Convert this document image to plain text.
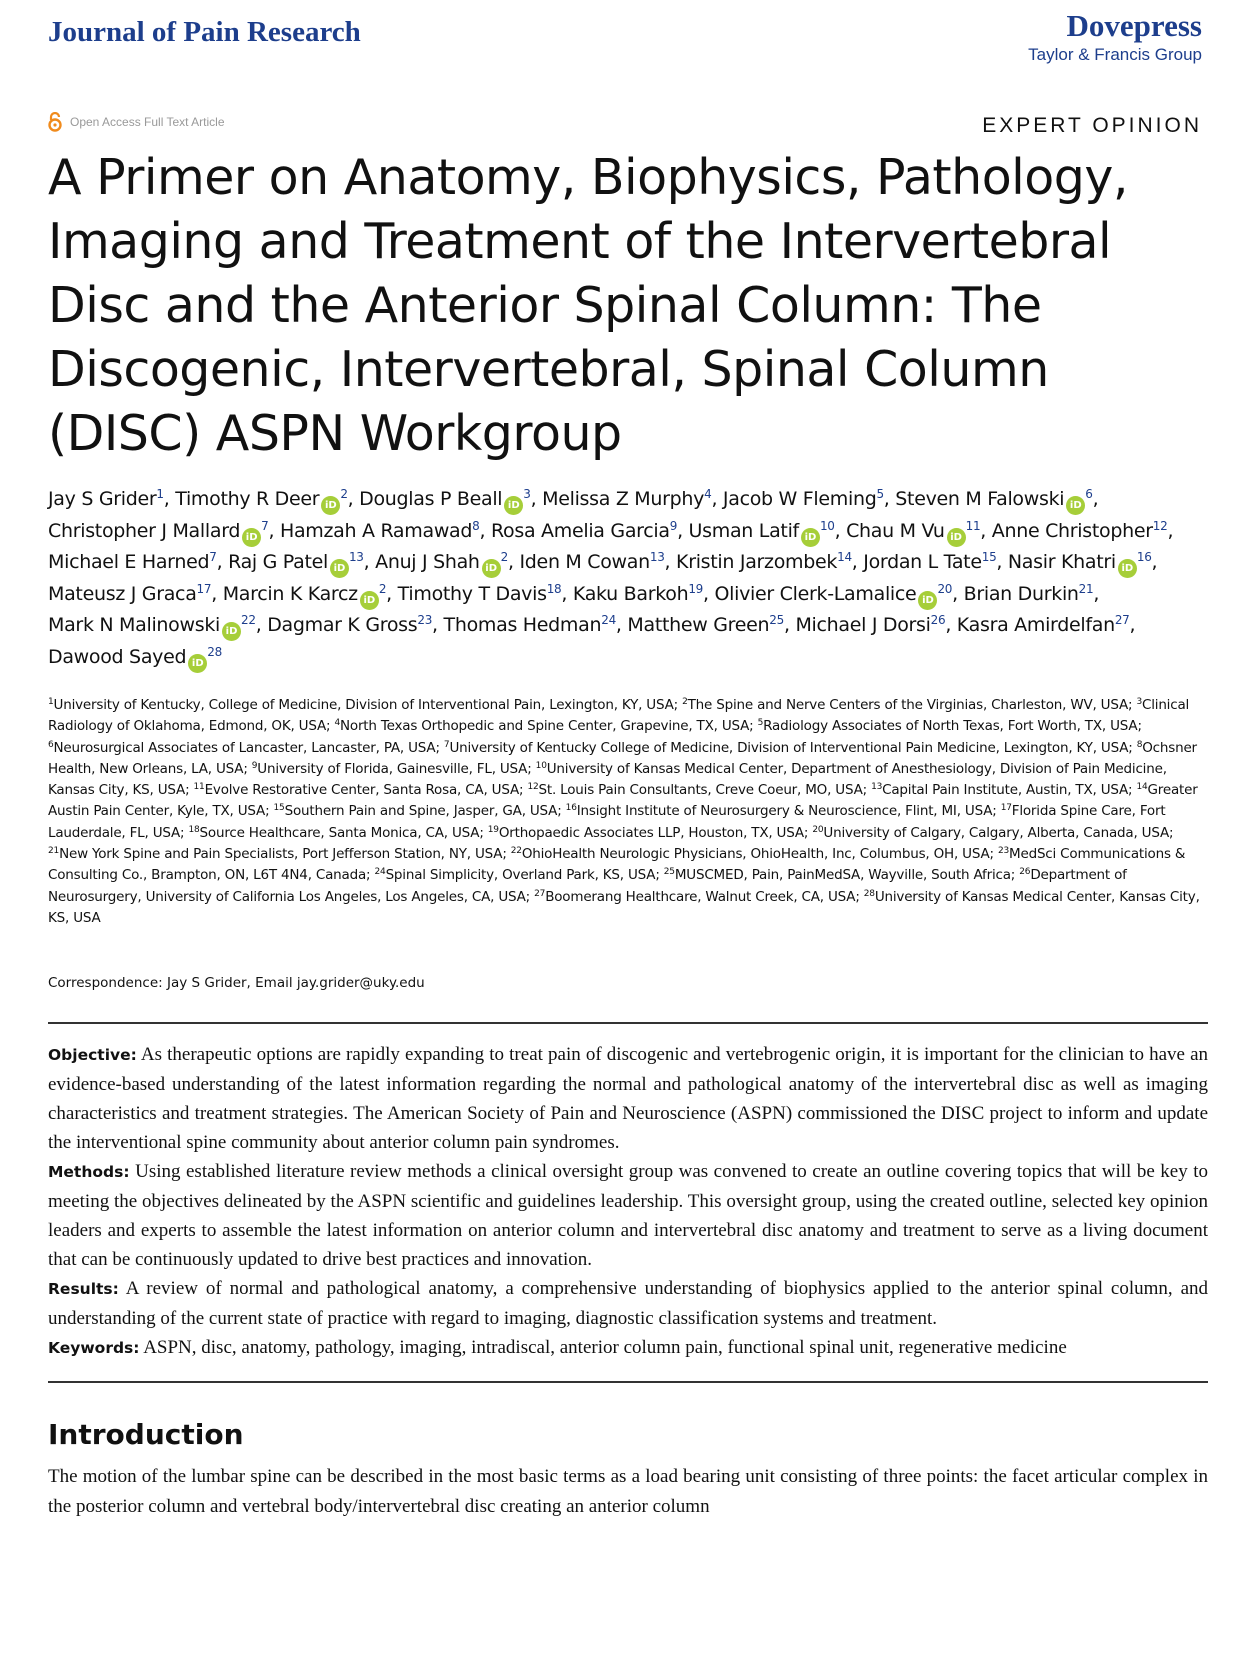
Journal of Pain Research	Dovepress
Taylor & Francis Group
Open Access Full Text Article	EXPERT OPINION
A Primer on Anatomy, Biophysics, Pathology, Imaging and Treatment of the Intervertebral Disc and the Anterior Spinal Column: The Discogenic, Intervertebral, Spinal Column (DISC) ASPN Workgroup
Jay S Grider$^1$, Timothy R Deer $iD^2$, Douglas P Beall $iD^3$, Melissa Z Murphy$^4$, Jacob W Fleming$^5$, Steven M Falowski $iD^6$, Christopher J Mallard $iD^7$, Hamzah A Ramawad$^8$, Rosa Amelia Garcia$^9$, Usman Latif $iD^{10}$, Chau M Vu $iD^{11}$, Anne Christopher$^{12}$, Michael E Harned$^7$, Raj G Patel $iD^{13}$, Anuj J Shah $iD^2$, Iden M Cowan$^{13}$, Kristin Jarzombek$^{14}$, Jordan L Tate$^{15}$, Nasir Khatri $iD^{16}$, Mateusz J Graca$^{17}$, Marcin K Karcz $iD^2$, Timothy T Davis$^{18}$, Kaku Barkoh$^{19}$, Olivier Clerk-Lamalice $iD^{20}$, Brian Durkin$^{21}$, Mark N Malinowski $iD^{22}$, Dagmar K Gross$^{23}$, Thomas Hedman$^{24}$, Matthew Green$^{25}$, Michael J Dorsi$^{26}$, Kasra Amirdelfan$^{27}$, Dawood Sayed $iD^{28}$
$^1$University of Kentucky, College of Medicine, Division of Interventional Pain, Lexington, KY, USA; $^2$The Spine and Nerve Centers of the Virginias, Charleston, WV, USA; $^3$Clinical Radiology of Oklahoma, Edmond, OK, USA; $^4$North Texas Orthopedic and Spine Center, Grapevine, TX, USA; $^5$Radiology Associates of North Texas, Fort Worth, TX, USA; $^6$Neurosurgical Associates of Lancaster, Lancaster, PA, USA; $^7$University of Kentucky College of Medicine, Division of Interventional Pain Medicine, Lexington, KY, USA; $^8$Ochsner Health, New Orleans, LA, USA; $^9$University of Florida, Gainesville, FL, USA; $^{10}$University of Kansas Medical Center, Department of Anesthesiology, Division of Pain Medicine, Kansas City, KS, USA; $^{11}$Evolve Restorative Center, Santa Rosa, CA, USA; $^{12}$St. Louis Pain Consultants, Creve Coeur, MO, USA; $^{13}$Capital Pain Institute, Austin, TX, USA; $^{14}$Greater Austin Pain Center, Kyle, TX, USA; $^{15}$Southern Pain and Spine, Jasper, GA, USA; $^{16}$Insight Institute of Neurosurgery & Neuroscience, Flint, MI, USA; $^{17}$Florida Spine Care, Fort Lauderdale, FL, USA; $^{18}$Source Healthcare, Santa Monica, CA, USA; $^{19}$Orthopaedic Associates LLP, Houston, TX, USA; $^{20}$University of Calgary, Calgary, Alberta, Canada, USA; $^{21}$New York Spine and Pain Specialists, Port Jefferson Station, NY, USA; $^{22}$OhioHealth Neurologic Physicians, OhioHealth, Inc, Columbus, OH, USA; $^{23}$MedSci Communications & Consulting Co., Brampton, ON, L6T 4N4, Canada; $^{24}$Spinal Simplicity, Overland Park, KS, USA; $^{25}$MUSCMED, Pain, PainMedSA, Wayville, South Africa; $^{26}$Department of Neurosurgery, University of California Los Angeles, Los Angeles, CA, USA; $^{27}$Boomerang Healthcare, Walnut Creek, CA, USA; $^{28}$University of Kansas Medical Center, Kansas City, KS, USA
Correspondence: Jay S Grider, Email jay.grider@uky.edu

Objective: As therapeutic options are rapidly expanding to treat pain of discogenic and vertebrogenic origin, it is important for the clinician to have an evidence-based understanding of the latest information regarding the normal and pathological anatomy of the intervertebral disc as well as imaging characteristics and treatment strategies. The American Society of Pain and Neuroscience (ASPN) commissioned the DISC project to inform and update the interventional spine community about anterior column pain syndromes.

Methods: Using established literature review methods a clinical oversight group was convened to create an outline covering topics that will be key to meeting the objectives delineated by the ASPN scientific and guidelines leadership. This oversight group, using the created outline, selected key opinion leaders and experts to assemble the latest information on anterior column and intervertebral disc anatomy and treatment to serve as a living document that can be continuously updated to drive best practices and innovation.

Results: A review of normal and pathological anatomy, a comprehensive understanding of biophysics applied to the anterior spinal column, and understanding of the current state of practice with regard to imaging, diagnostic classification systems and treatment.

Keywords: ASPN, disc, anatomy, pathology, imaging, intradiscal, anterior column pain, functional spinal unit, regenerative medicine

Introduction

The motion of the lumbar spine can be described in the most basic terms as a load bearing unit consisting of three points: the facet articular complex in the posterior column and vertebral body/intervertebral disc creating an anterior column
